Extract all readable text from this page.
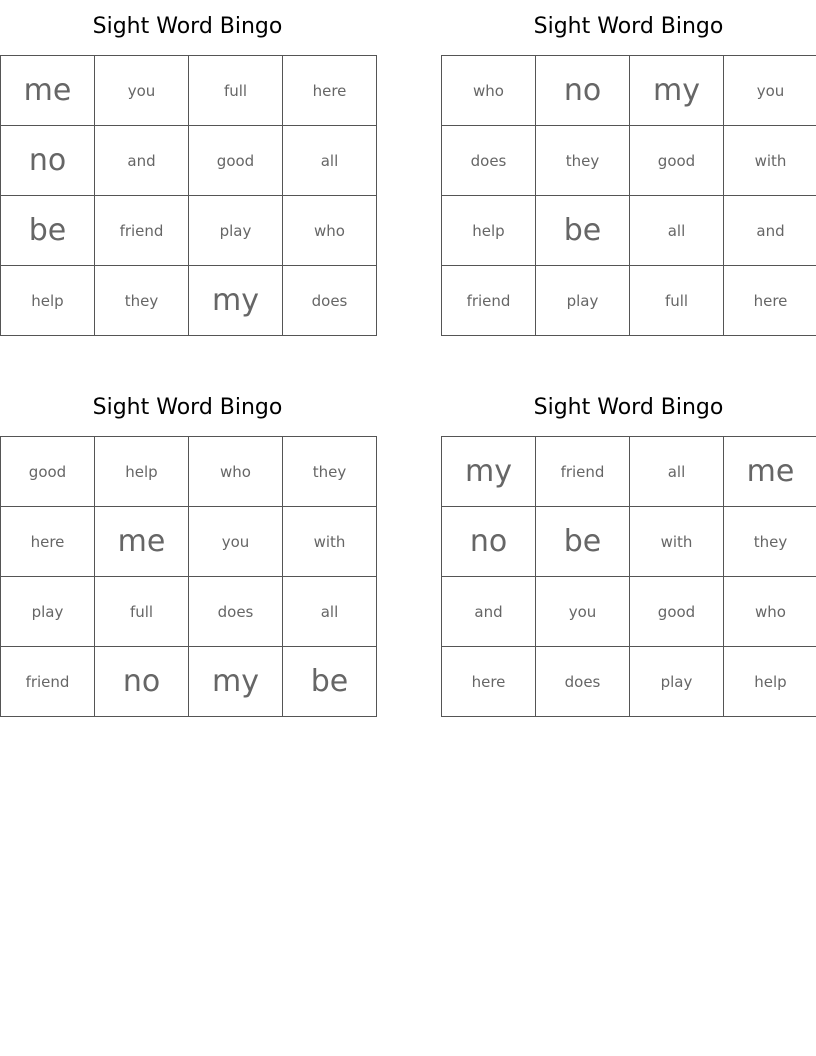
Sight Word Bingo
me	you	full	here
no	and	good	all
be	friend	play	who
help	they	my	does
Sight Word Bingo
who	no	my	you
does	they	good	with
help	be	all	and
friend	play	full	here
Sight Word Bingo
good	help	who	they
here	me	you	with
play	full	does	all
friend	no	my	be
Sight Word Bingo
my	friend	all	me
no	be	with	they
and	you	good	who
here	does	play	help
